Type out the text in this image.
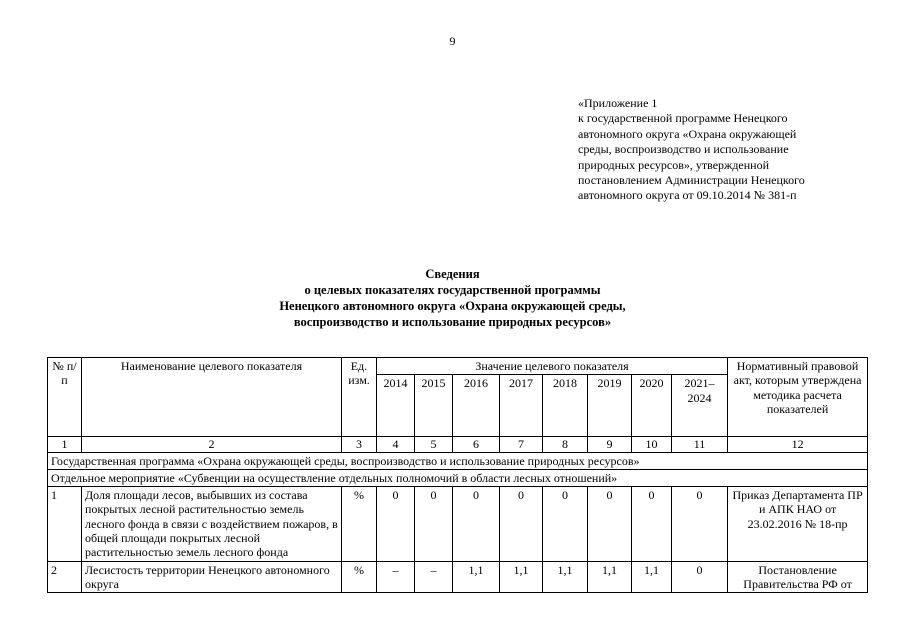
9
«Приложение 1
к государственной программе Ненецкого
автономного округа «Охрана окружающей
среды, воспроизводство и использование
природных ресурсов», утвержденной
постановлением Администрации Ненецкого
автономного округа от 09.10.2014 № 381-п
Сведения
о целевых показателях государственной программы
Ненецкого автономного округа «Охрана окружающей среды,
воспроизводство и использование природных ресурсов»
№ п/п	Наименование целевого показателя	Ед. изм.	Значение целевого показателя								Нормативный правовой акт, которым утверждена методика расчета показателей
			2014	2015	2016	2017	2018	2019	2020	2021–2024	
1	2	3	4	5	6	7	8	9	10	11	12
Государственная программа «Охрана окружающей среды, воспроизводство и использование природных ресурсов»											
Отдельное мероприятие «Субвенции на осуществление отдельных полномочий в области лесных отношений»											
1	Доля площади лесов, выбывших из состава покрытых лесной растительностью земель лесного фонда в связи с воздействием пожаров, в общей площади покрытых лесной растительностью земель лесного фонда	%	0	0	0	0	0	0	0	0	Приказ Департамента ПР и АПК НАО от 23.02.2016 № 18-пр
2	Лесистость территории Ненецкого автономного округа	%	–	–	1,1	1,1	1,1	1,1	1,1	0	Постановление Правительства РФ от
